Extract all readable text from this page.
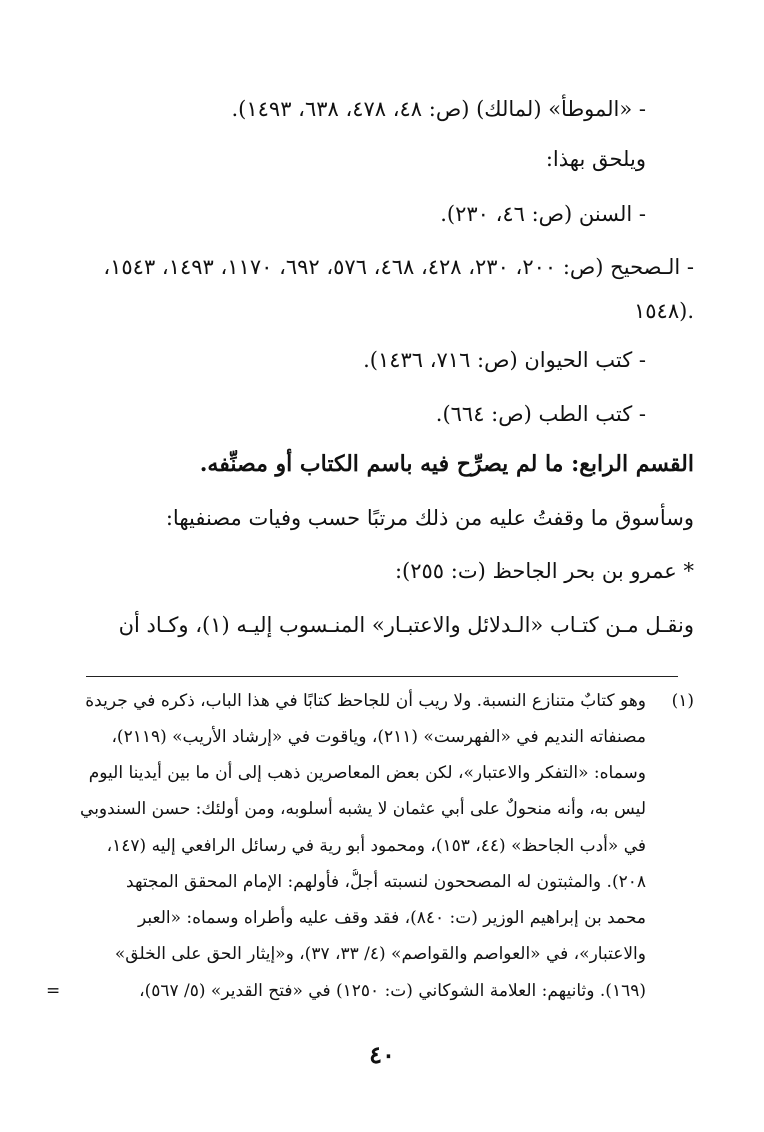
- «الموطأ» (لمالك) (ص: ٤٨، ٤٧٨، ٦٣٨، ١٤٩٣).
ويلحق بهذا:
- السنن (ص: ٤٦، ٢٣٠).
- الـصحيح (ص: ٢٠٠، ٢٣٠، ٤٢٨، ٤٦٨، ٥٧٦، ٦٩٢، ١١٧٠، ١٤٩٣، ١٥٤٣،
١٥٤٨).
- كتب الحيوان (ص: ٧١٦، ١٤٣٦).
- كتب الطب (ص: ٦٦٤).
القسم الرابع: ما لم يصرِّح فيه باسم الكتاب أو مصنِّفه.
وسأسوق ما وقفتُ عليه من ذلك مرتبًا حسب وفيات مصنفيها:
* عمرو بن بحر الجاحظ (ت: ٢٥٥):
ونقـل مـن كتـاب «الـدلائل والاعتبـار» المنـسوب إليـه (١)، وكـاد أن
(١)
وهو كتابٌ متنازع النسبة. ولا ريب أن للجاحظ كتابًا في هذا الباب، ذكره في جريدة
مصنفاته النديم في «الفهرست» (٢١١)، وياقوت في «إرشاد الأريب» (٢١١٩)،
وسماه: «التفكر والاعتبار»، لكن بعض المعاصرين ذهب إلى أن ما بين أيدينا اليوم
ليس به، وأنه منحولٌ على أبي عثمان لا يشبه أسلوبه، ومن أولئك: حسن السندوبي
في «أدب الجاحظ» (٤٤، ١٥٣)، ومحمود أبو رية في رسائل الرافعي إليه (١٤٧،
٢٠٨). والمثبتون له المصححون لنسبته أجلُّ، فأولهم: الإمام المحقق المجتهد
محمد بن إبراهيم الوزير (ت: ٨٤٠)، فقد وقف عليه وأطراه وسماه: «العبر
والاعتبار»، في «العواصم والقواصم» (٤/ ٣٣، ٣٧)، و«إيثار الحق على الخلق»
(١٦٩). وثانيهم: العلامة الشوكاني (ت: ١٢٥٠) في «فتح القدير» (٥/ ٥٦٧)،
=
٤٠
